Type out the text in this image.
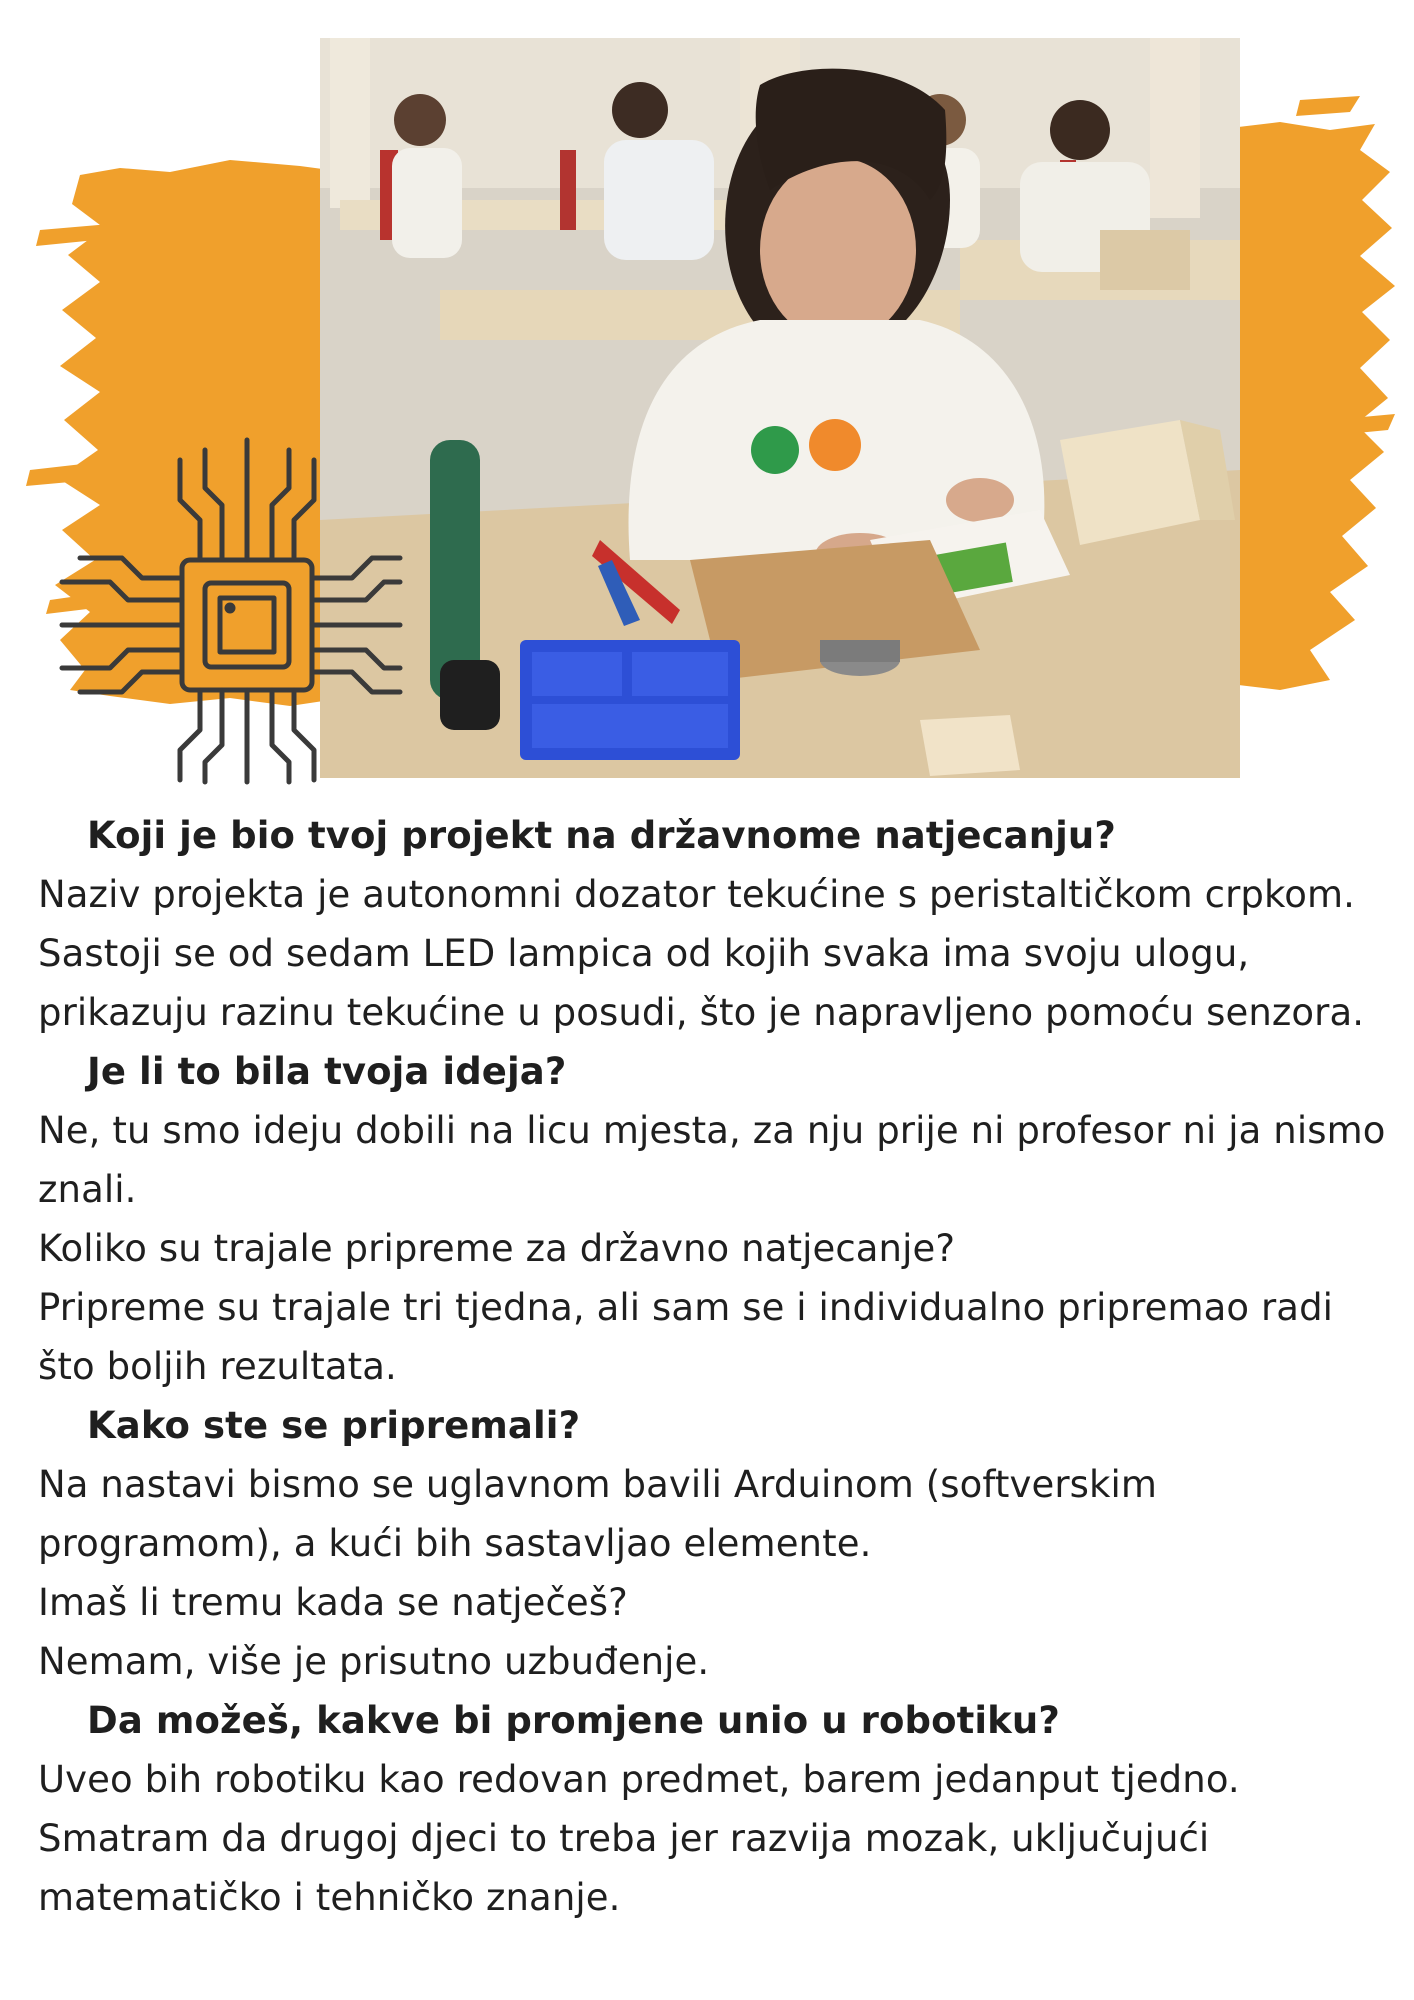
Koji je bio tvoj projekt na državnome natjecanju?

Naziv projekta je autonomni dozator tekućine s peristaltičkom crpkom. Sastoji se od sedam LED lampica od kojih svaka ima svoju ulogu, prikazuju razinu tekućine u posudi, što je napravljeno pomoću senzora.

Je li to bila tvoja ideja?

Ne, tu smo ideju dobili na licu mjesta, za nju prije ni profesor ni ja nismo znali.

Koliko su trajale pripreme za državno natjecanje?

Pripreme su trajale tri tjedna, ali sam se i individualno pripremao radi što boljih rezultata.

Kako ste se pripremali?

Na nastavi bismo se uglavnom bavili Arduinom (softverskim programom), a kući bih sastavljao elemente.

Imaš li tremu kada se natječeš?

Nemam, više je prisutno uzbuđenje.

Da možeš, kakve bi promjene unio u robotiku?

Uveo bih robotiku kao redovan predmet, barem jedanput tjedno. Smatram da drugoj djeci to treba jer razvija mozak, uključujući matematičko i tehničko znanje.
